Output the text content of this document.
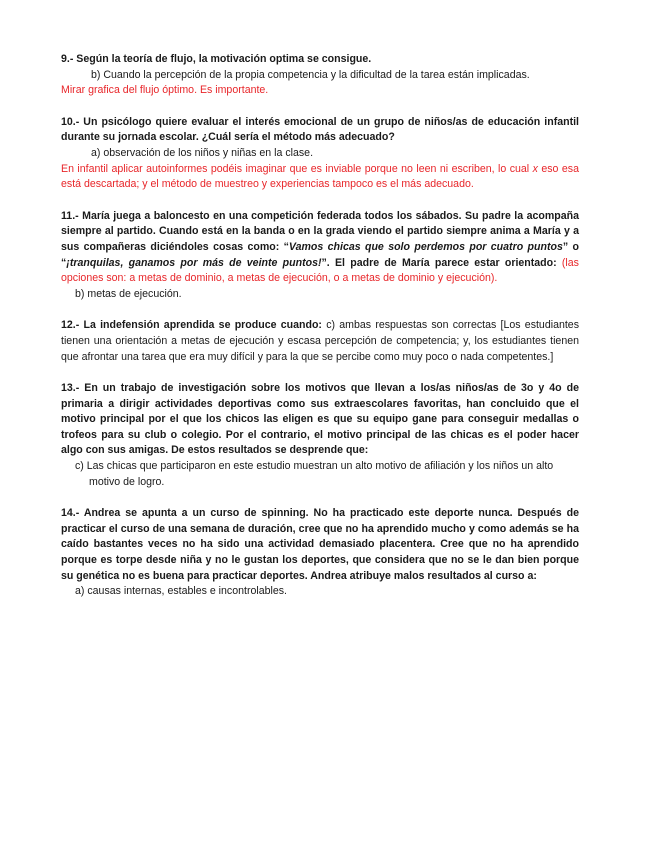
9.- Según la teoría de flujo, la motivación optima se consigue.

b) Cuando la percepción de la propia competencia y la dificultad de la tarea están implicadas.

Mirar grafica del flujo óptimo. Es importante.

10.- Un psicólogo quiere evaluar el interés emocional de un grupo de niños/as de educación infantil durante su jornada escolar. ¿Cuál sería el método más adecuado?

a) observación de los niños y niñas en la clase.

En infantil aplicar autoinformes podéis imaginar que es inviable porque no leen ni escriben, lo cual x eso esa está descartada; y el método de muestreo y experiencias tampoco es el más adecuado.

11.- María juega a baloncesto en una competición federada todos los sábados. Su padre la acompaña siempre al partido. Cuando está en la banda o en la grada viendo el partido siempre anima a María y a sus compañeras diciéndoles cosas como: “Vamos chicas que solo perdemos por cuatro puntos” o “¡tranquilas, ganamos por más de veinte puntos!”. El padre de María parece estar orientado: (las opciones son: a metas de dominio, a metas de ejecución, o a metas de dominio y ejecución).

b) metas de ejecución.

12.- La indefensión aprendida se produce cuando: c) ambas respuestas son correctas [Los estudiantes tienen una orientación a metas de ejecución y escasa percepción de competencia; y, los estudiantes tienen que afrontar una tarea que era muy difícil y para la que se percibe como muy poco o nada competentes.]

13.- En un trabajo de investigación sobre los motivos que llevan a los/as niños/as de 3o y 4o de primaria a dirigir actividades deportivas como sus extraescolares favoritas, han concluido que el motivo principal por el que los chicos las eligen es que su equipo gane para conseguir medallas o trofeos para su club o colegio. Por el contrario, el motivo principal de las chicas es el poder hacer algo con sus amigas. De estos resultados se desprende que:

c) Las chicas que participaron en este estudio muestran un alto motivo de afiliación y los niños un alto motivo de logro.

14.- Andrea se apunta a un curso de spinning. No ha practicado este deporte nunca. Después de practicar el curso de una semana de duración, cree que no ha aprendido mucho y como además se ha caído bastantes veces no ha sido una actividad demasiado placentera. Cree que no ha aprendido porque es torpe desde niña y no le gustan los deportes, que considera que no se le dan bien porque su genética no es buena para practicar deportes. Andrea atribuye malos resultados al curso a:

a) causas internas, estables e incontrolables.
